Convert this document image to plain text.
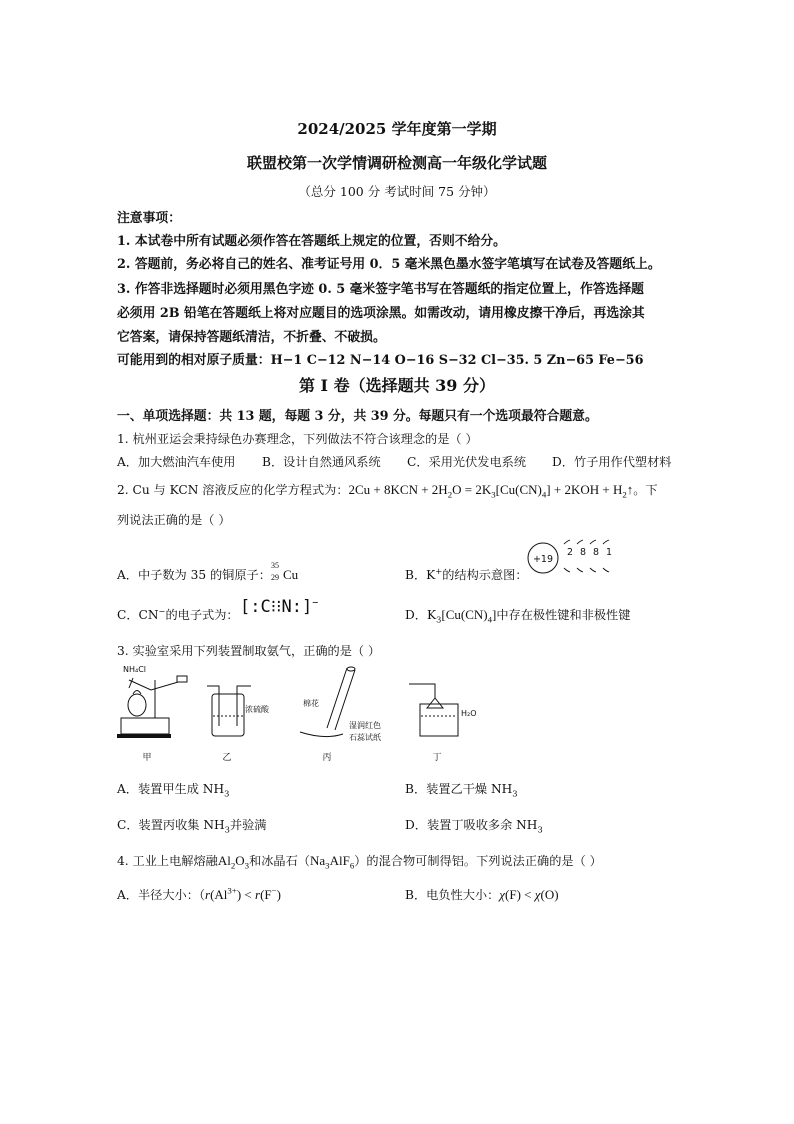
2024/2025 学年度第一学期
联盟校第一次学情调研检测高一年级化学试题
（总分 100 分 考试时间 75 分钟）
注意事项：
1. 本试卷中所有试题必须作答在答题纸上规定的位置，否则不给分。
2. 答题前，务必将自己的姓名、准考证号用 0．5 毫米黑色墨水签字笔填写在试卷及答题纸上。
3. 作答非选择题时必须用黑色字迹 0. 5 毫米签字笔书写在答题纸的指定位置上，作答选择题
必须用 2B 铅笔在答题纸上将对应题目的选项涂黑。如需改动，请用橡皮擦干净后，再选涂其
它答案，请保持答题纸清洁，不折叠、不破损。
可能用到的相对原子质量：H−1 C−12 N−14 O−16 S−32 Cl−35. 5 Zn−65 Fe−56
第 I 卷（选择题共 39 分）
一、单项选择题：共 13 题，每题 3 分，共 39 分。每题只有一个选项最符合题意。
1. 杭州亚运会秉持绿色办赛理念，下列做法不符合该理念的是（ ）
A．加大燃油汽车使用	B．设计自然通风系统	C．采用光伏发电系统	D．竹子用作代塑材料
2. Cu 与 KCN 溶液反应的化学方程式为：$2Cu + 8KCN + 2H_2O = 2K_3[Cu(CN)_4] + 2KOH$ + $H_2↑$。下
列说法正确的是（ ）
A．中子数为 35 的铜原子：
35
29 Cu	B．K+的结构示意图：
+19
2 8 8 1
C．CN−的电子式为： [:C⁝⁝N:]−
D．$K_3[Cu(CN)_4]$中存在极性键和非极性键
3. 实验室采用下列装置制取氨气，正确的是（ ）
NH₄Cl
浓硫酸
棉花
湿润红色
石蕊试纸
H₂O
甲	乙	丙	丁
A．装置甲生成 $NH_3$	B．装置乙干燥 $NH_3$
C．装置丙收集 $NH_3$并验满	D．装置丁吸收多余 $NH_3$
4. 工业上电解熔融$Al_2O_3$和冰晶石$(Na_3AlF_6)$的混合物可制得铝。下列说法正确的是（ ）
A．半径大小：（$r(Al^{3+}) < r(F^-)$	B．电负性大小：χ(F) < χ(O)
